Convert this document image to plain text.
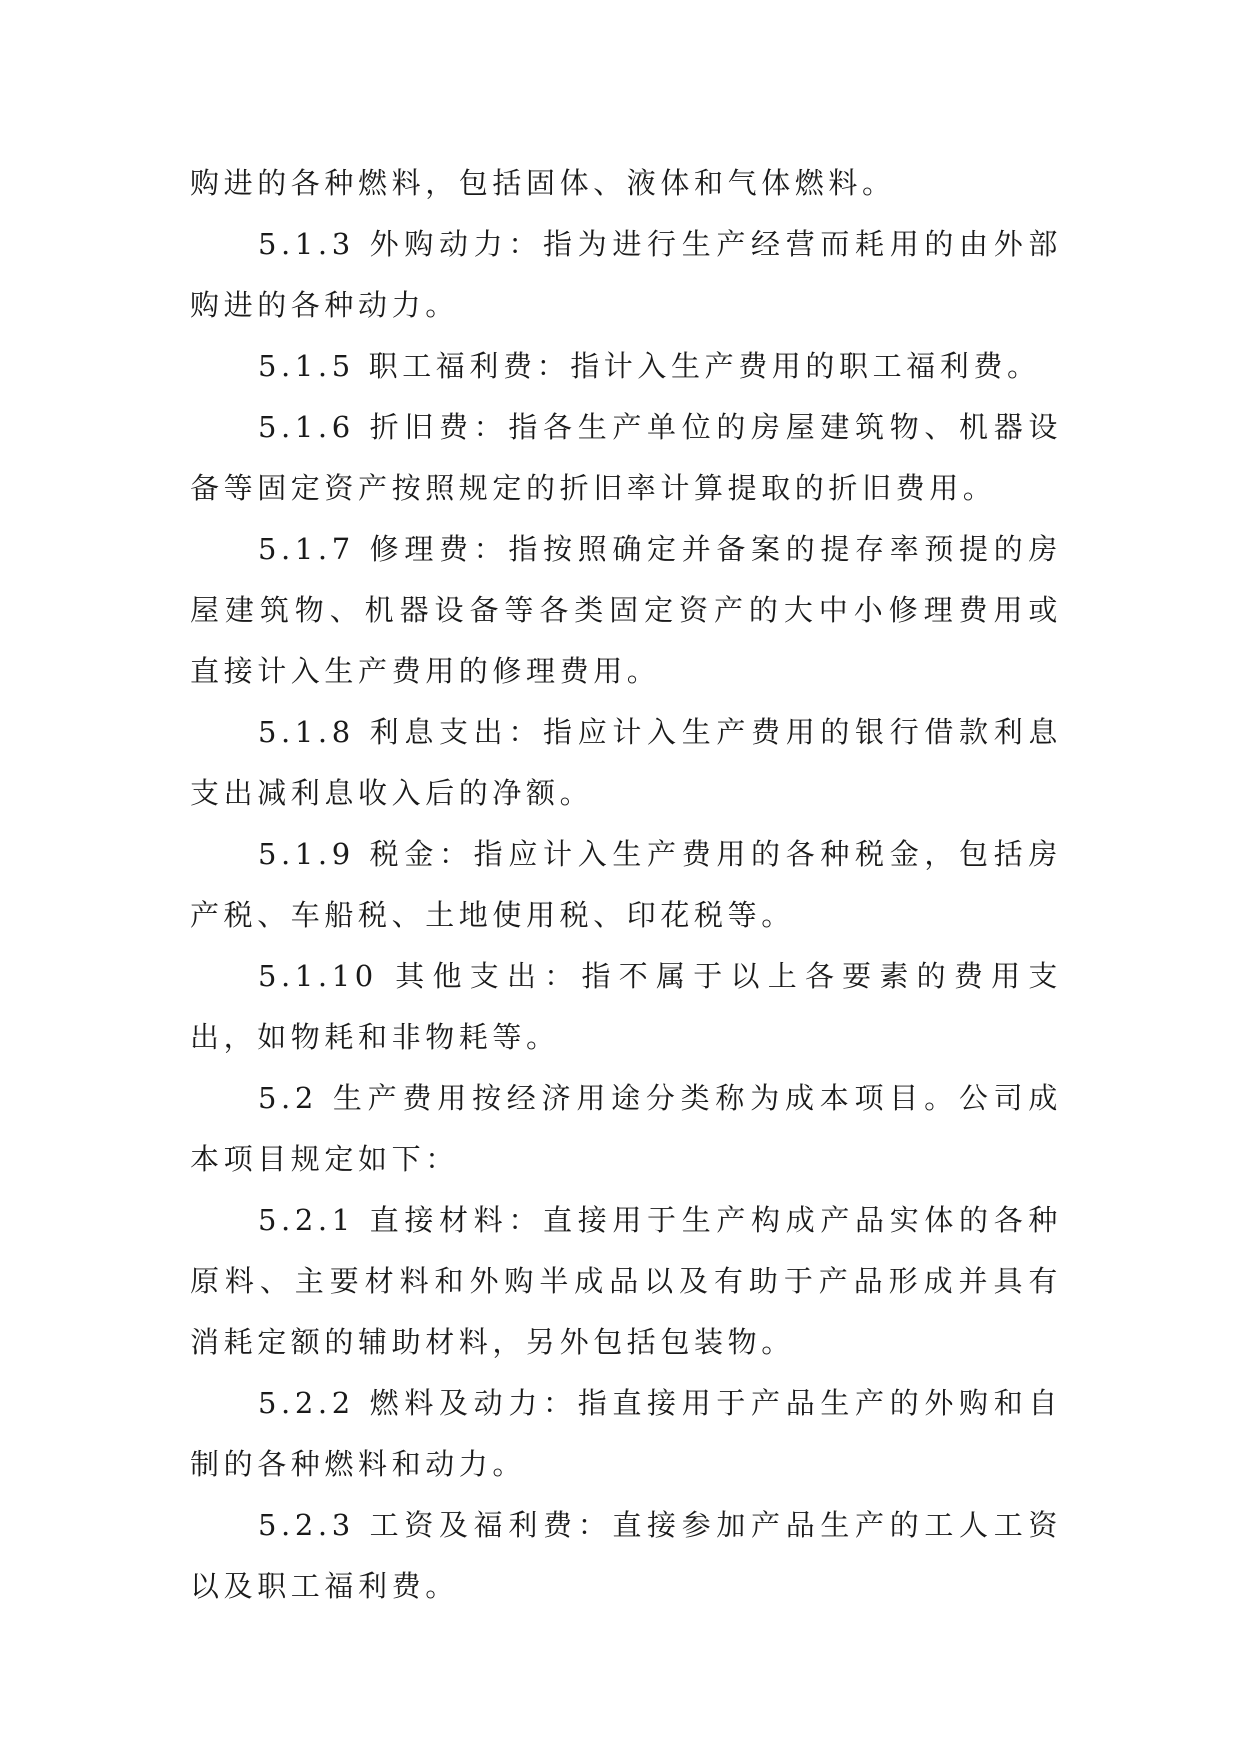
购进的各种燃料，包括固体、液体和气体燃料。

5.1.3 外购动力：指为进行生产经营而耗用的由外部购进的各种动力。

5.1.5 职工福利费：指计入生产费用的职工福利费。

5.1.6 折旧费：指各生产单位的房屋建筑物、机器设备等固定资产按照规定的折旧率计算提取的折旧费用。

5.1.7 修理费：指按照确定并备案的提存率预提的房屋建筑物、机器设备等各类固定资产的大中小修理费用或直接计入生产费用的修理费用。

5.1.8 利息支出：指应计入生产费用的银行借款利息支出减利息收入后的净额。

5.1.9 税金：指应计入生产费用的各种税金，包括房产税、车船税、土地使用税、印花税等。

5.1.10 其他支出：指不属于以上各要素的费用支出，如物耗和非物耗等。

5.2 生产费用按经济用途分类称为成本项目。公司成本项目规定如下：

5.2.1 直接材料：直接用于生产构成产品实体的各种原料、主要材料和外购半成品以及有助于产品形成并具有消耗定额的辅助材料，另外包括包装物。

5.2.2 燃料及动力：指直接用于产品生产的外购和自制的各种燃料和动力。

5.2.3 工资及福利费：直接参加产品生产的工人工资以及职工福利费。
